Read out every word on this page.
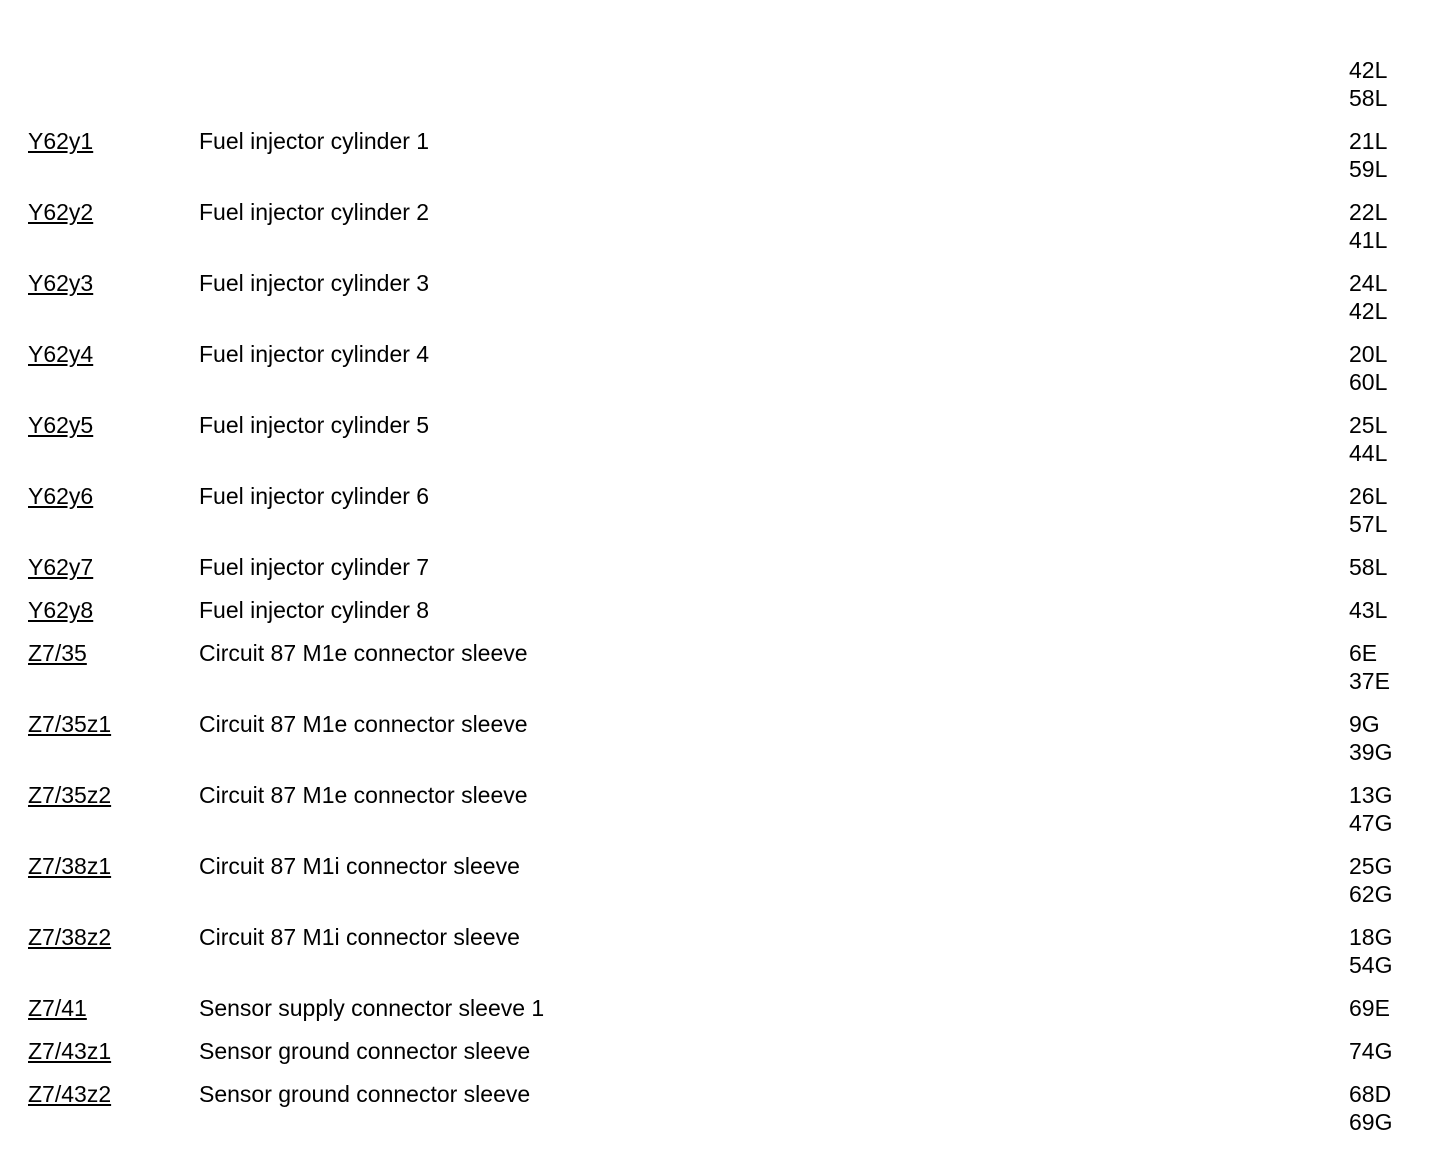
42L
58L
Y62y1	Fuel injector cylinder 1	21L
59L
Y62y2	Fuel injector cylinder 2	22L
41L
Y62y3	Fuel injector cylinder 3	24L
42L
Y62y4	Fuel injector cylinder 4	20L
60L
Y62y5	Fuel injector cylinder 5	25L
44L
Y62y6	Fuel injector cylinder 6	26L
57L
Y62y7	Fuel injector cylinder 7	58L
Y62y8	Fuel injector cylinder 8	43L
Z7/35	Circuit 87 M1e connector sleeve	6E
37E
Z7/35z1	Circuit 87 M1e connector sleeve	9G
39G
Z7/35z2	Circuit 87 M1e connector sleeve	13G
47G
Z7/38z1	Circuit 87 M1i connector sleeve	25G
62G
Z7/38z2	Circuit 87 M1i connector sleeve	18G
54G
Z7/41	Sensor supply connector sleeve 1	69E
Z7/43z1	Sensor ground connector sleeve	74G
Z7/43z2	Sensor ground connector sleeve	68D
69G
